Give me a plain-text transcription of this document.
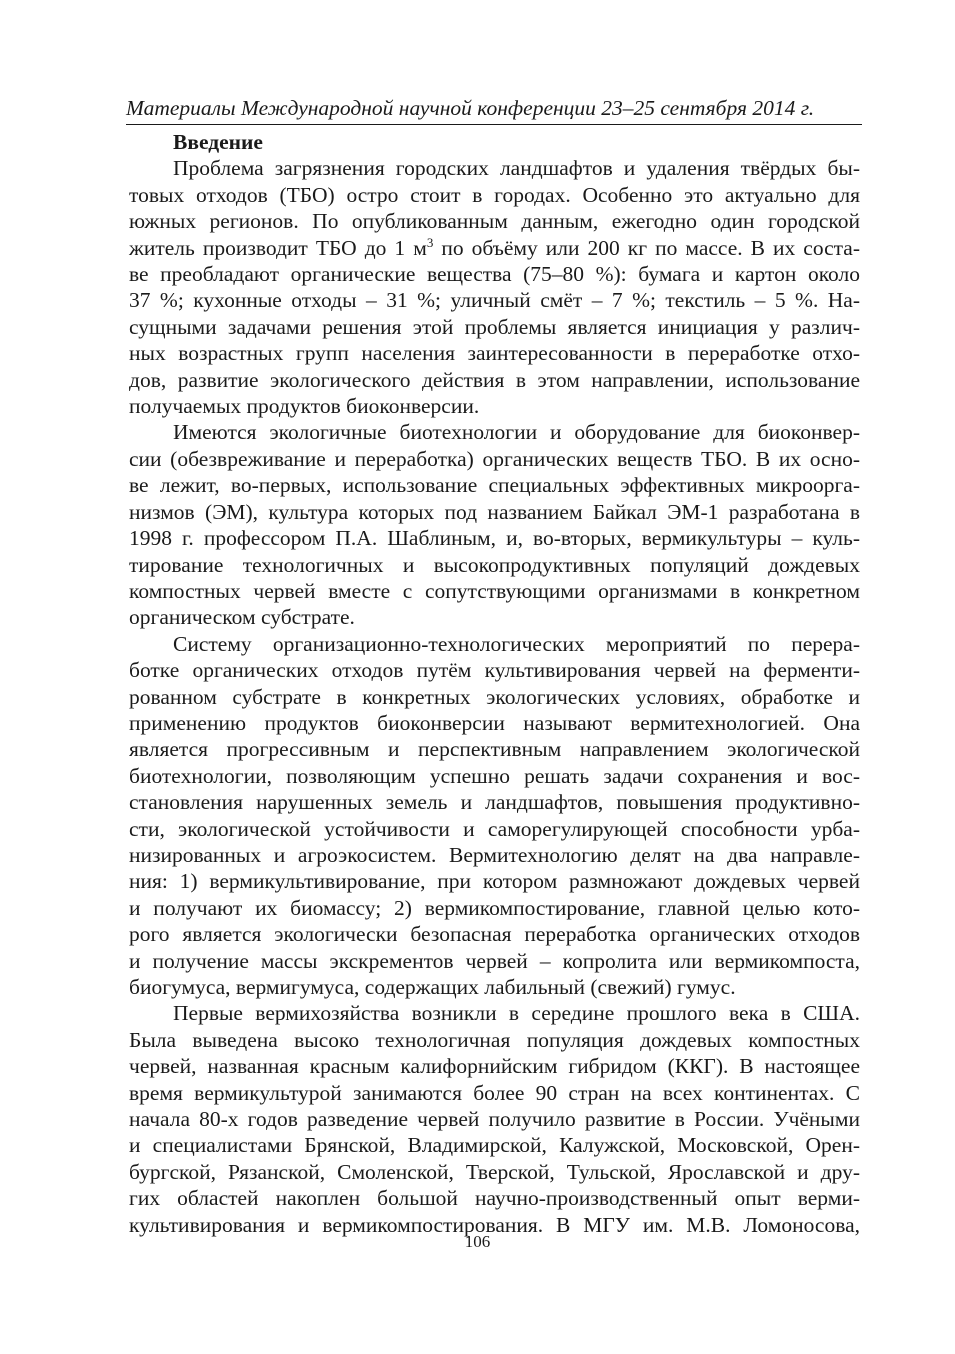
Материалы Международной научной конференции 23–25 сентября 2014 г.
Введение
Проблема загрязнения городских ландшафтов и удаления твёрдых бы-
товых отходов (ТБО) остро стоит в городах. Особенно это актуально для
южных регионов. По опубликованным данным, ежегодно один городской
житель производит ТБО до 1 $м^3$ по объёму или 200 кг по массе. В их соста-
ве преобладают органические вещества (75–80 %): бумага и картон около
37 %; кухонные отходы – 31 %; уличный смёт – 7 %; текстиль – 5 %. На-
сущными задачами решения этой проблемы является инициация у различ-
ных возрастных групп населения заинтересованности в переработке отхо-
дов, развитие экологического действия в этом направлении, использование
получаемых продуктов биоконверсии.
Имеются экологичные биотехнологии и оборудование для биоконвер-
сии (обезвреживание и переработка) органических веществ ТБО. В их осно-
ве лежит, во-первых, использование специальных эффективных микроорга-
низмов (ЭМ), культура которых под названием Байкал ЭМ-1 разработана в
1998 г. профессором П.А. Шаблиным, и, во-вторых, вермикультуры – куль-
тирование технологичных и высокопродуктивных популяций дождевых
компостных червей вместе с сопутствующими организмами в конкретном
органическом субстрате.
Систему организационно-технологических мероприятий по перера-
ботке органических отходов путём культивирования червей на ферменти-
рованном субстрате в конкретных экологических условиях, обработке и
применению продуктов биоконверсии называют вермитехнологией. Она
является прогрессивным и перспективным направлением экологической
биотехнологии, позволяющим успешно решать задачи сохранения и вос-
становления нарушенных земель и ландшафтов, повышения продуктивно-
сти, экологической устойчивости и саморегулирующей способности урба-
низированных и агроэкосистем. Вермитехнологию делят на два направле-
ния: 1) вермикультивирование, при котором размножают дождевых червей
и получают их биомассу; 2) вермикомпостирование, главной целью кото-
рого является экологически безопасная переработка органических отходов
и получение массы экскрементов червей – копролита или вермикомпоста,
биогумуса, вермигумуса, содержащих лабильный (свежий) гумус.
Первые вермихозяйства возникли в середине прошлого века в США.
Была выведена высоко технологичная популяция дождевых компостных
червей, названная красным калифорнийским гибридом (ККГ). В настоящее
время вермикультурой занимаются более 90 стран на всех континентах. С
начала 80-х годов разведение червей получило развитие в России. Учёными
и специалистами Брянской, Владимирской, Калужской, Московской, Орен-
бургской, Рязанской, Смоленской, Тверской, Тульской, Ярославской и дру-
гих областей накоплен большой научно-производственный опыт верми-
культивирования и вермикомпостирования. В МГУ им. М.В. Ломоносова,
106
